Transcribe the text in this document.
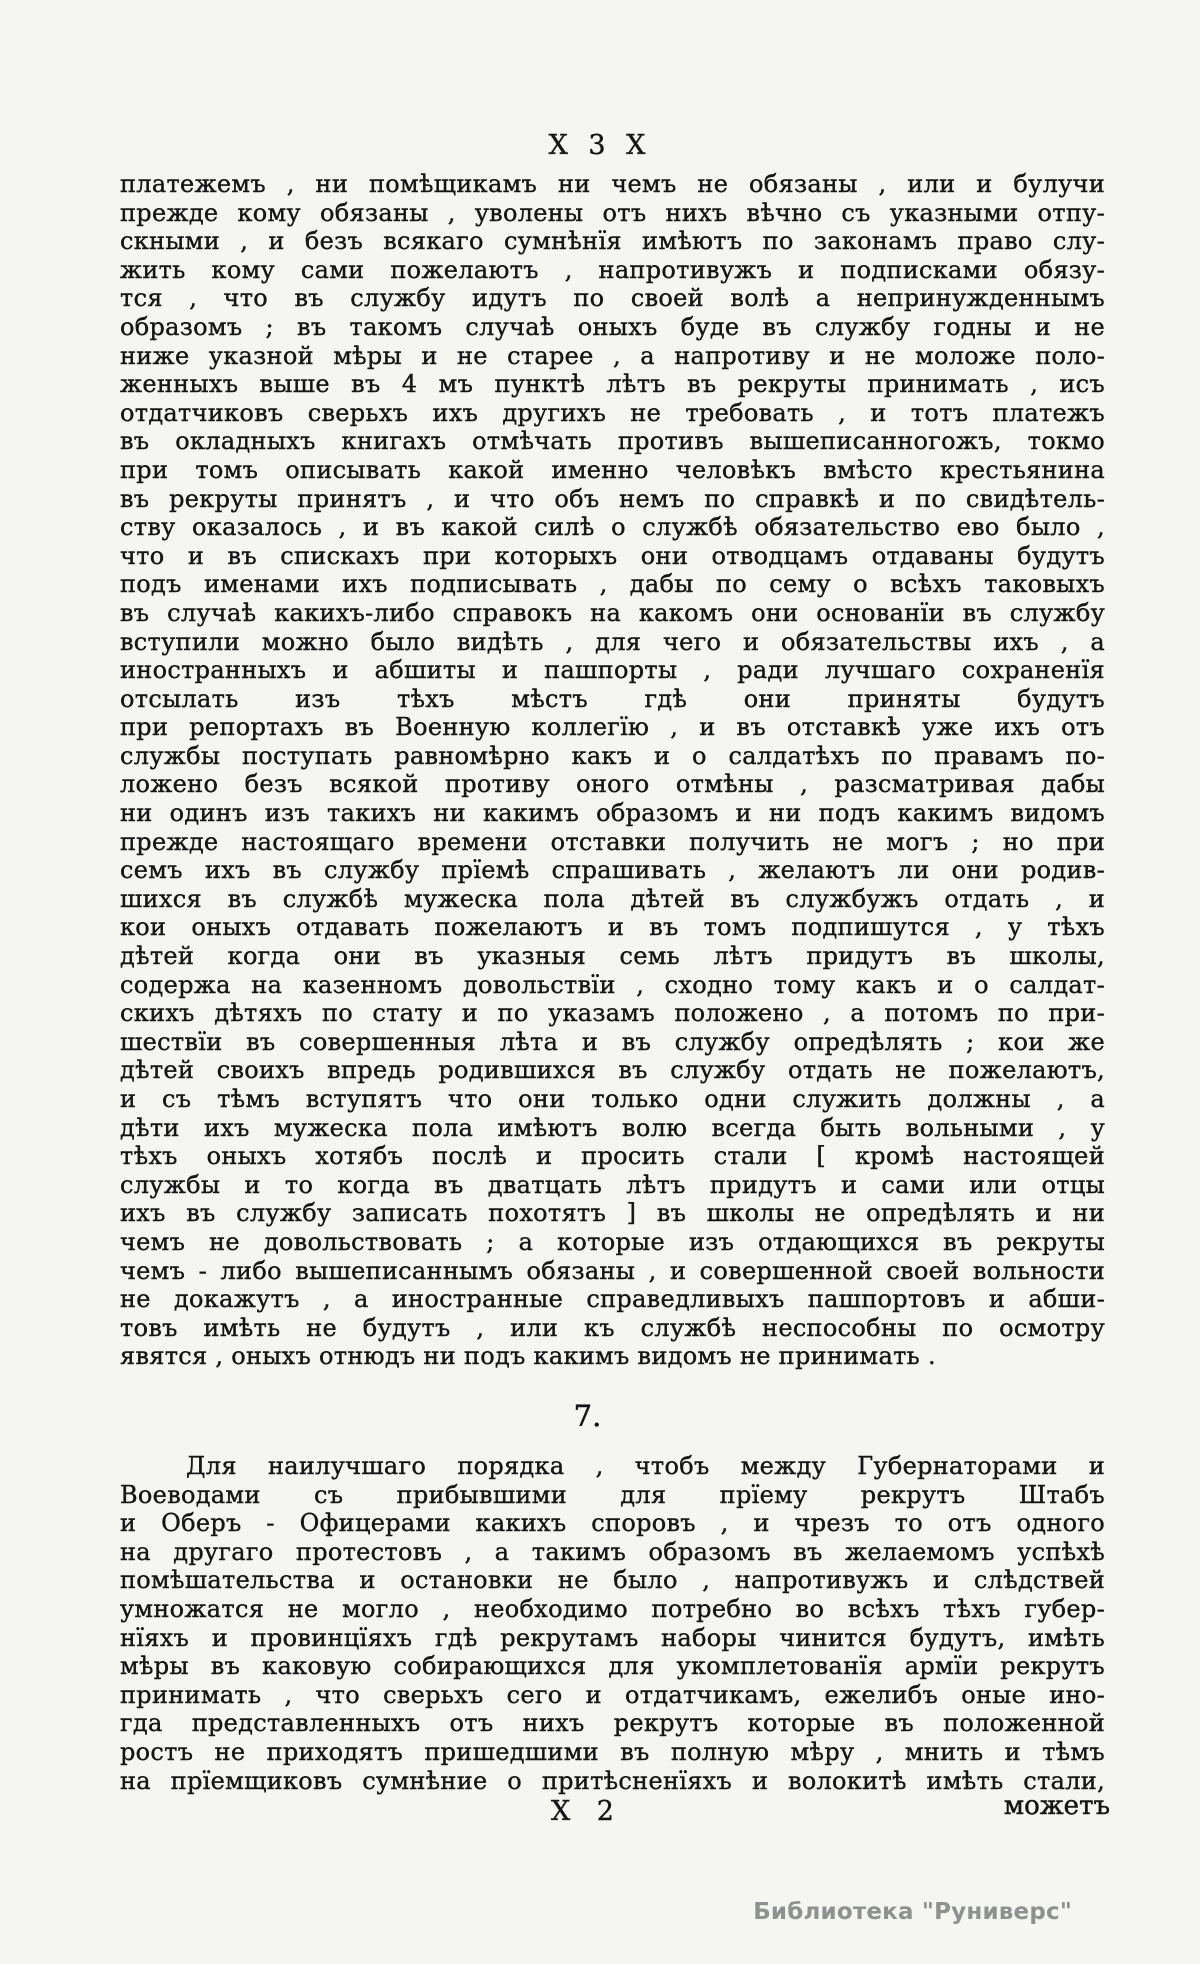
Х 3 Х
платежемъ , ни помѣщикамъ ни чемъ не обязаны , или и булучи
прежде кому обязаны , уволены отъ нихъ вѣчно съ указными отпу-
скными , и безъ всякаго сумнѣнїя имѣютъ по законамъ право слу-
жить кому сами пожелаютъ , напротивужъ и подписками обязу-
тся , что въ службу идутъ по своей волѣ а непринужденнымъ
образомъ ; въ такомъ случаѣ оныхъ буде въ службу годны и не
ниже указной мѣры и не старее , а напротиву и не моложе поло-
женныхъ выше въ 4 мъ пунктѣ лѣтъ въ рекруты принимать , исъ
отдатчиковъ сверьхъ ихъ другихъ не требовать , и тотъ платежъ
въ окладныхъ книгахъ отмѣчать противъ вышеписанногожъ, токмо
при томъ описывать какой именно человѣкъ вмѣсто крестьянина
въ рекруты принятъ , и что объ немъ по справкѣ и по свидѣтель-
ству оказалось , и въ какой силѣ о службѣ обязательство ево было ,
что и въ спискахъ при которыхъ они отводцамъ отдаваны будутъ
подъ именами ихъ подписывать , дабы по сему о всѣхъ таковыхъ
въ случаѣ какихъ-либо справокъ на какомъ они основанїи въ службу
вступили можно было видѣть , для чего и обязательствы ихъ , а
иностранныхъ и абшиты и пашпорты , ради лучшаго сохраненїя
отсылать изъ тѣхъ мѣстъ гдѣ они приняты будутъ
при репортахъ въ Военную коллегїю , и въ отставкѣ уже ихъ отъ
службы поступать равномѣрно какъ и о салдатѣхъ по правамъ по-
ложено безъ всякой противу оного отмѣны , разсматривая дабы
ни одинъ изъ такихъ ни какимъ образомъ и ни подъ какимъ видомъ
прежде настоящаго времени отставки получить не могъ ; но при
семъ ихъ въ службу прїемѣ спрашивать , желаютъ ли они родив-
шихся въ службѣ мужеска пола дѣтей въ службужъ отдать , и
кои оныхъ отдавать пожелаютъ и въ томъ подпишутся , у тѣхъ
дѣтей когда они въ указныя семь лѣтъ придутъ въ школы,
содержа на казенномъ довольствїи , сходно тому какъ и о салдат-
скихъ дѣтяхъ по стату и по указамъ положено , а потомъ по при-
шествїи въ совершенныя лѣта и въ службу опредѣлять ; кои же
дѣтей своихъ впредь родившихся въ службу отдать не пожелаютъ,
и съ тѣмъ вступятъ что они только одни служить должны , а
дѣти ихъ мужеска пола имѣютъ волю всегда быть вольными , у
тѣхъ оныхъ хотябъ послѣ и просить стали [ кромѣ настоящей
службы и то когда въ дватцать лѣтъ придутъ и сами или отцы
ихъ въ службу записать похотятъ ] въ школы не опредѣлять и ни
чемъ не довольствовать ; а которые изъ отдающихся въ рекруты
чемъ - либо вышеписаннымъ обязаны , и совершенной своей вольности
не докажутъ , а иностранные справедливыхъ пашпортовъ и абши-
товъ имѣть не будутъ , или къ службѣ неспособны по осмотру
явятся , оныхъ отнюдъ ни подъ какимъ видомъ не принимать .
7.
Для наилучшаго порядка , чтобъ между Губернаторами и
Воеводами съ прибывшими для прїему рекрутъ Штабъ
и Оберъ - Офицерами какихъ споровъ , и чрезъ то отъ одного
на другаго протестовъ , а такимъ образомъ въ желаемомъ успѣхѣ
помѣшательства и остановки не было , напротивужъ и слѣдствей
умножатся не могло , необходимо потребно во всѣхъ тѣхъ губер-
нїяхъ и провинцїяхъ гдѣ рекрутамъ наборы чинится будутъ, имѣть
мѣры въ каковую собирающихся для укомплетованїя армїи рекрутъ
принимать , что сверьхъ сего и отдатчикамъ, ежелибъ оные ино-
гда представленныхъ отъ нихъ рекрутъ которые въ положенной
ростъ не приходятъ пришедшими въ полную мѣру , мнить и тѣмъ
на прїемщиковъ сумнѣние о притѣсненїяхъ и волокитѣ имѣть стали,
Х 2	можетъ
Библиотека "Руниверс"
